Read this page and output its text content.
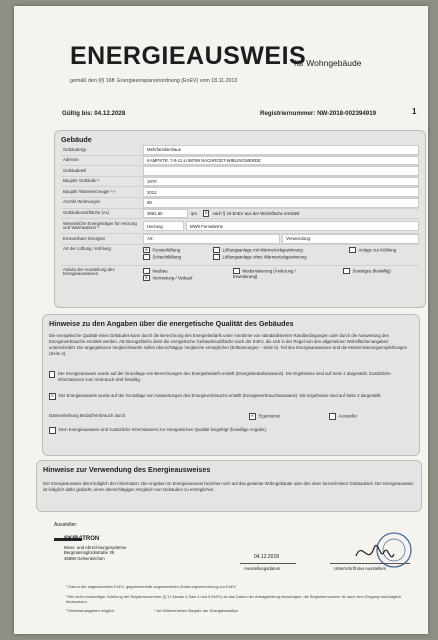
ENERGIEAUSWEIS
für Wohngebäude
gemäß den §§ 16ff. Energieeinsparverordnung (EnEV) vom 18.11.2013
Gültig bis: 04.12.2028	Registriernummer: NW-2018-002394919	1
Gebäude
Gebäudetyp	Mehrfamilienhaus
Adresse	KAMPSTR. 7-9-11 in 58769 NACHRODT-WIBLINGWERDE
Gebäudeteil
Baujahr Gebäude ³	1970
Baujahr Wärmeerzeuger ³,⁴	2012
Anzahl Wohnungen	68
Gebäudenutzfläche (Aₙ)	3961,60	qm	✕	nach § 19 EnEV aus der Wohnfläche ermittelt
Wesentliche Energieträger für Heizung und Warmwasser ³	Heizung	MWh Fernwärme
Erneuerbare Energien	Art:	Verwendung:
Art der Lüftung / Kühlung	✕ Fensterlüftung
Schachtlüftung
Lüftungsanlage mit Wärmerückgewinnung
Lüftungsanlage ohne Wärmerückgewinnung
Anlage zur Kühlung
Anlass der Ausstellung des Energieausweises
Neubau
✕ Vermietung / Verkauf
Modernisierung (Änderung / Erweiterung)
Sonstiges (freiwillig)
Hinweise zu den Angaben über die energetische Qualität des Gebäudes
Die energetische Qualität eines Gebäudes kann durch die Berechnung des Energiebedarfs unter Annahme von standardisierten Randbedingungen oder durch die Auswertung des Energieverbrauchs ermittelt werden. Als Bezugsfläche dient die energetische Gebäudenutzfläche nach der EnEV, die sich in der Regel von den allgemeinen Wohnflächenangaben unterscheidet. Die angegebenen Vergleichswerte sollen überschlägige Vergleiche ermöglichen (Erläuterungen – Seite 5). Teil des Energieausweises sind die Modernisierungsempfehlungen (Seite 4).
Der Energieausweis wurde auf der Grundlage von Berechnungen des Energiebedarfs erstellt (Energiebedarfsausweis). Die Ergebnisse sind auf Seite 2 dargestellt. Zusätzliche Informationen zum Verbrauch sind freiwillig.
✕	Der Energieausweis wurde auf der Grundlage von Auswertungen des Energieverbrauchs erstellt (Energieverbrauchsausweis). Die Ergebnisse sind auf Seite 3 dargestellt.
Datenerhebung Bedarf/Verbrauch durch	✕ Eigentümer	Aussteller
Dem Energieausweis sind zusätzliche Informationen zur energetischen Qualität beigefügt (freiwillige Angabe).
Hinweise zur Verwendung des Energieausweises
Der Energieausweis dient lediglich der Information. Die Angaben im Energieausweis beziehen sich auf das gesamte Wohngebäude oder den oben bezeichneten Gebäudeteil. Der Energieausweis ist lediglich dafür gedacht, einen überschlägigen Vergleich von Gebäuden zu ermöglichen.
Aussteller:
SKIBATRON
Mess- und Abrechnungssysteme
Bergmannsglückstraße 35
45896 Gelsenkirchen	04.12.2018
Ausstellungsdatum	Unterschrift des Ausstellers
¹ Datum der angewendeten EnEV, gegebenenfalls angewendeten Änderungsverordnung zur EnEV
² Bei nicht rechtzeitiger Zuteilung der Registriernummer (§ 17 Absatz 4 Satz 4 und 5 EnEV) ist das Datum der Antragstellung einzutragen; die Registriernummer ist nach dem Eingang nachträglich einzusetzen.
³ Mehrfachangaben möglich	⁴ bei Wärmenetzen Baujahr der Übergabestation
